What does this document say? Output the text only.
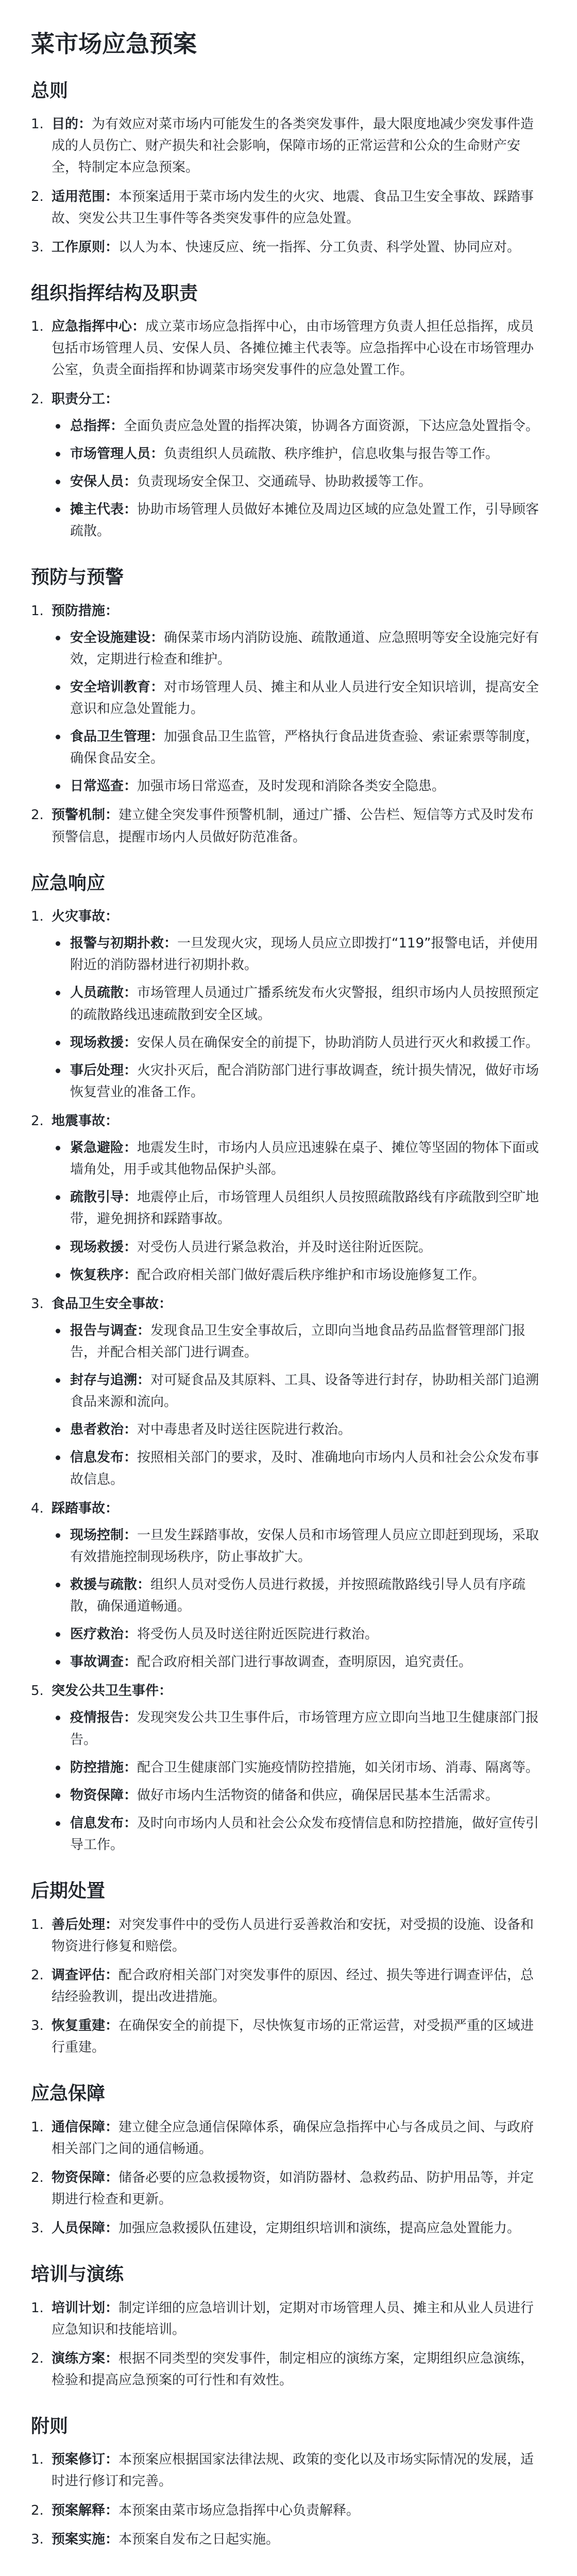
菜市场应急预案
总则
目的：为有效应对菜市场内可能发生的各类突发事件，最大限度地减少突发事件造成的人员伤亡、财产损失和社会影响，保障市场的正常运营和公众的生命财产安全，特制定本应急预案。
适用范围：本预案适用于菜市场内发生的火灾、地震、食品卫生安全事故、踩踏事故、突发公共卫生事件等各类突发事件的应急处置。
工作原则：以人为本、快速反应、统一指挥、分工负责、科学处置、协同应对。
组织指挥结构及职责
应急指挥中心：成立菜市场应急指挥中心，由市场管理方负责人担任总指挥，成员包括市场管理人员、安保人员、各摊位摊主代表等。应急指挥中心设在市场管理办公室，负责全面指挥和协调菜市场突发事件的应急处置工作。
职责分工：
总指挥：全面负责应急处置的指挥决策，协调各方面资源，下达应急处置指令。
市场管理人员：负责组织人员疏散、秩序维护，信息收集与报告等工作。
安保人员：负责现场安全保卫、交通疏导、协助救援等工作。
摊主代表：协助市场管理人员做好本摊位及周边区域的应急处置工作，引导顾客疏散。
预防与预警
预防措施：
安全设施建设：确保菜市场内消防设施、疏散通道、应急照明等安全设施完好有效，定期进行检查和维护。
安全培训教育：对市场管理人员、摊主和从业人员进行安全知识培训，提高安全意识和应急处置能力。
食品卫生管理：加强食品卫生监管，严格执行食品进货查验、索证索票等制度，确保食品安全。
日常巡查：加强市场日常巡查，及时发现和消除各类安全隐患。
预警机制：建立健全突发事件预警机制，通过广播、公告栏、短信等方式及时发布预警信息，提醒市场内人员做好防范准备。
应急响应
火灾事故：
报警与初期扑救：一旦发现火灾，现场人员应立即拨打“119”报警电话，并使用附近的消防器材进行初期扑救。
人员疏散：市场管理人员通过广播系统发布火灾警报，组织市场内人员按照预定的疏散路线迅速疏散到安全区域。
现场救援：安保人员在确保安全的前提下，协助消防人员进行灭火和救援工作。
事后处理：火灾扑灭后，配合消防部门进行事故调查，统计损失情况，做好市场恢复营业的准备工作。
地震事故：
紧急避险：地震发生时，市场内人员应迅速躲在桌子、摊位等坚固的物体下面或墙角处，用手或其他物品保护头部。
疏散引导：地震停止后，市场管理人员组织人员按照疏散路线有序疏散到空旷地带，避免拥挤和踩踏事故。
现场救援：对受伤人员进行紧急救治，并及时送往附近医院。
恢复秩序：配合政府相关部门做好震后秩序维护和市场设施修复工作。
食品卫生安全事故：
报告与调查：发现食品卫生安全事故后，立即向当地食品药品监督管理部门报告，并配合相关部门进行调查。
封存与追溯：对可疑食品及其原料、工具、设备等进行封存，协助相关部门追溯食品来源和流向。
患者救治：对中毒患者及时送往医院进行救治。
信息发布：按照相关部门的要求，及时、准确地向市场内人员和社会公众发布事故信息。
踩踏事故：
现场控制：一旦发生踩踏事故，安保人员和市场管理人员应立即赶到现场，采取有效措施控制现场秩序，防止事故扩大。
救援与疏散：组织人员对受伤人员进行救援，并按照疏散路线引导人员有序疏散，确保通道畅通。
医疗救治：将受伤人员及时送往附近医院进行救治。
事故调查：配合政府相关部门进行事故调查，查明原因，追究责任。
突发公共卫生事件：
疫情报告：发现突发公共卫生事件后，市场管理方应立即向当地卫生健康部门报告。
防控措施：配合卫生健康部门实施疫情防控措施，如关闭市场、消毒、隔离等。
物资保障：做好市场内生活物资的储备和供应，确保居民基本生活需求。
信息发布：及时向市场内人员和社会公众发布疫情信息和防控措施，做好宣传引导工作。
后期处置
善后处理：对突发事件中的受伤人员进行妥善救治和安抚，对受损的设施、设备和物资进行修复和赔偿。
调查评估：配合政府相关部门对突发事件的原因、经过、损失等进行调查评估，总结经验教训，提出改进措施。
恢复重建：在确保安全的前提下，尽快恢复市场的正常运营，对受损严重的区域进行重建。
应急保障
通信保障：建立健全应急通信保障体系，确保应急指挥中心与各成员之间、与政府相关部门之间的通信畅通。
物资保障：储备必要的应急救援物资，如消防器材、急救药品、防护用品等，并定期进行检查和更新。
人员保障：加强应急救援队伍建设，定期组织培训和演练，提高应急处置能力。
培训与演练
培训计划：制定详细的应急培训计划，定期对市场管理人员、摊主和从业人员进行应急知识和技能培训。
演练方案：根据不同类型的突发事件，制定相应的演练方案，定期组织应急演练，检验和提高应急预案的可行性和有效性。
附则
预案修订：本预案应根据国家法律法规、政策的变化以及市场实际情况的发展，适时进行修订和完善。
预案解释：本预案由菜市场应急指挥中心负责解释。
预案实施：本预案自发布之日起实施。
